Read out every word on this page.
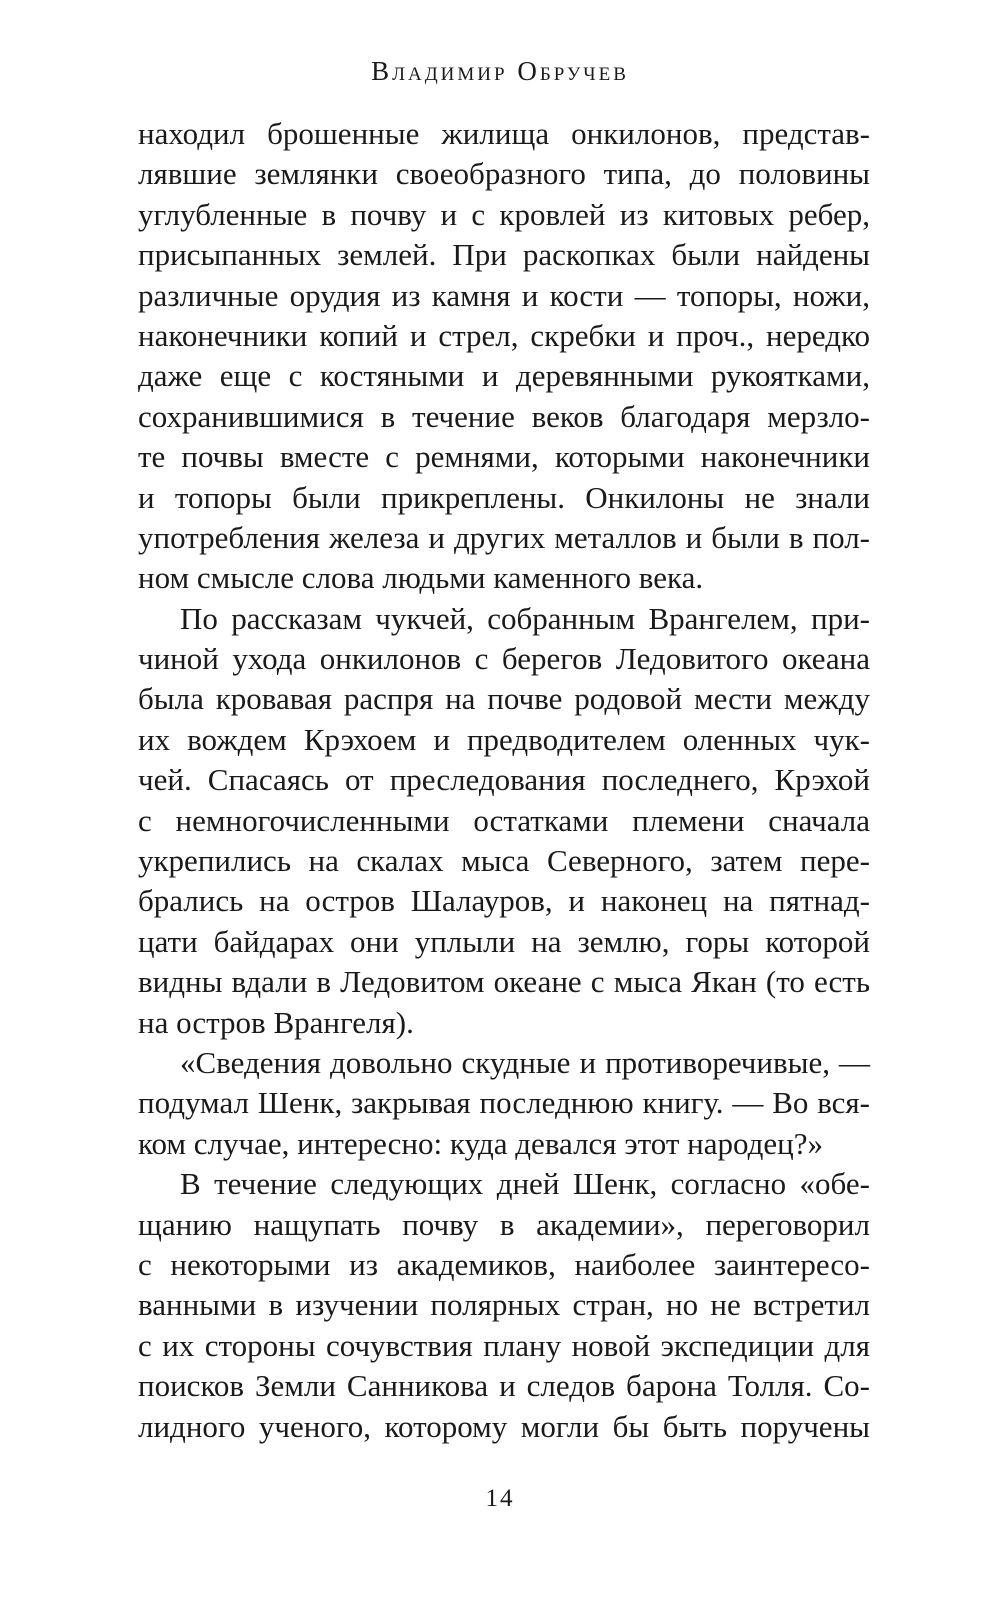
Владимир Обручев
находил брошенные жилища онкилонов, представ-
лявшие землянки своеобразного типа, до половины
углубленные в почву и с кровлей из китовых ребер,
присыпанных землей. При раскопках были найдены
различные орудия из камня и кости — топоры, ножи,
наконечники копий и стрел, скребки и проч., нередко
даже еще с костяными и деревянными рукоятками,
сохранившимися в течение веков благодаря мерзло-
те почвы вместе с ремнями, которыми наконечники
и топоры были прикреплены. Онкилоны не знали
употребления железа и других металлов и были в пол-
ном смысле слова людьми каменного века.
По рассказам чукчей, собранным Врангелем, при-
чиной ухода онкилонов с берегов Ледовитого океана
была кровавая распря на почве родовой мести между
их вождем Крэхоем и предводителем оленных чук-
чей. Спасаясь от преследования последнего, Крэхой
с немногочисленными остатками племени сначала
укрепились на скалах мыса Северного, затем пере-
брались на остров Шалауров, и наконец на пятнад-
цати байдарах они уплыли на землю, горы которой
видны вдали в Ледовитом океане с мыса Якан (то есть
на остров Врангеля).
«Сведения довольно скудные и противоречивые, —
подумал Шенк, закрывая последнюю книгу. — Во вся-
ком случае, интересно: куда девался этот народец?»
В течение следующих дней Шенк, согласно «обе-
щанию нащупать почву в академии», переговорил
с некоторыми из академиков, наиболее заинтересо-
ванными в изучении полярных стран, но не встретил
с их стороны сочувствия плану новой экспедиции для
поисков Земли Санникова и следов барона Толля. Со-
лидного ученого, которому могли бы быть поручены
14
